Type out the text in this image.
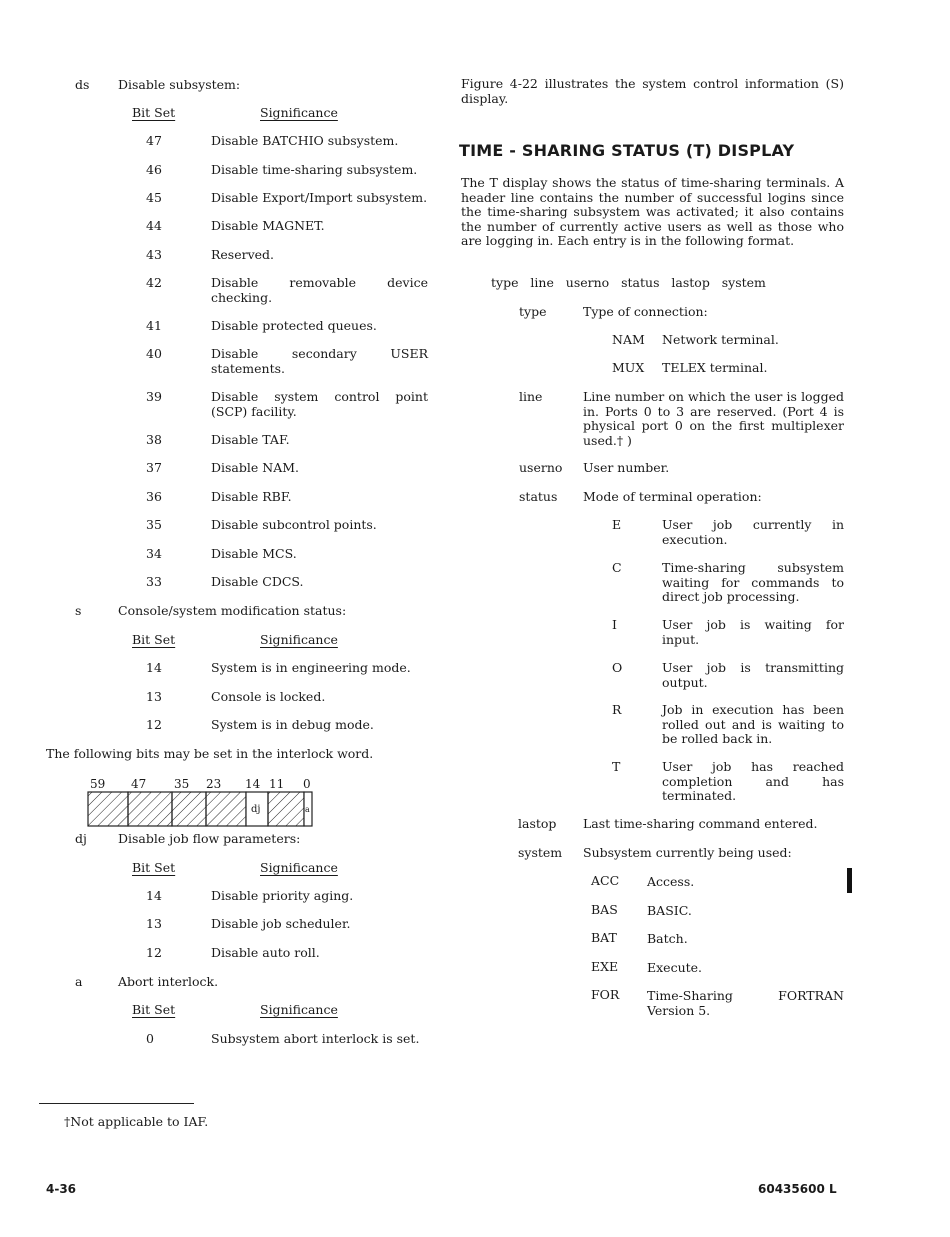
ds Disable subsystem:
Bit Set	Significance
47	Disable BATCHIO subsystem.
46	Disable time-sharing subsystem.
45	Disable Export/Import subsystem.
44	Disable MAGNET.
43	Reserved.
42	Disable removable device checking.
41	Disable protected queues.
40	Disable secondary USER statements.
39	Disable system control point (SCP) facility.
38	Disable TAF.
37	Disable NAM.
36	Disable RBF.
35	Disable subcontrol points.
34	Disable MCS.
33	Disable CDCS.
s	Console/system modification status:
Bit Set	Significance
14	System is in engineering mode.
13	Console is locked.
12	System is in debug mode.
The following bits may be set in the interlock word.
59 47 35 23 14 11 0
dj	a
dj Disable job flow parameters:
Bit Set	Significance
14	Disable priority aging.
13	Disable job scheduler.
12	Disable auto roll.
a	Abort interlock.
Bit Set	Significance
0	Subsystem abort interlock is set.
Figure 4-22 illustrates the system control information (S) display.
TIME - SHARING STATUS (T) DISPLAY
The T display shows the status of time-sharing terminals. A header line contains the number of successful logins since the time-sharing subsystem was activated; it also contains the number of currently active users as well as those who are logging in. Each entry is in the following format.
type   line   userno   status   lastop   system
type	Type of connection:
NAM Network terminal.
MUX TELEX terminal.
line	Line number on which the user is logged in. Ports 0 to 3 are reserved. (Port 4 is physical port 0 on the first multiplexer used.† )
userno User number.
status Mode of terminal operation:
E	User job currently in execution.
C	Time-sharing subsystem waiting for commands to direct job processing.
I	User job is waiting for input.
O	User job is transmitting output.
R	Job in execution has been rolled out and is waiting to be rolled back in.
T	User job has reached completion and has terminated.
lastop Last time-sharing command entered.
system Subsystem currently being used:
ACC Access.
BAS BASIC.
BAT Batch.
EXE Execute.
FOR Time-Sharing FORTRAN Version 5.
†Not applicable to IAF.
4-36	60435600 L
